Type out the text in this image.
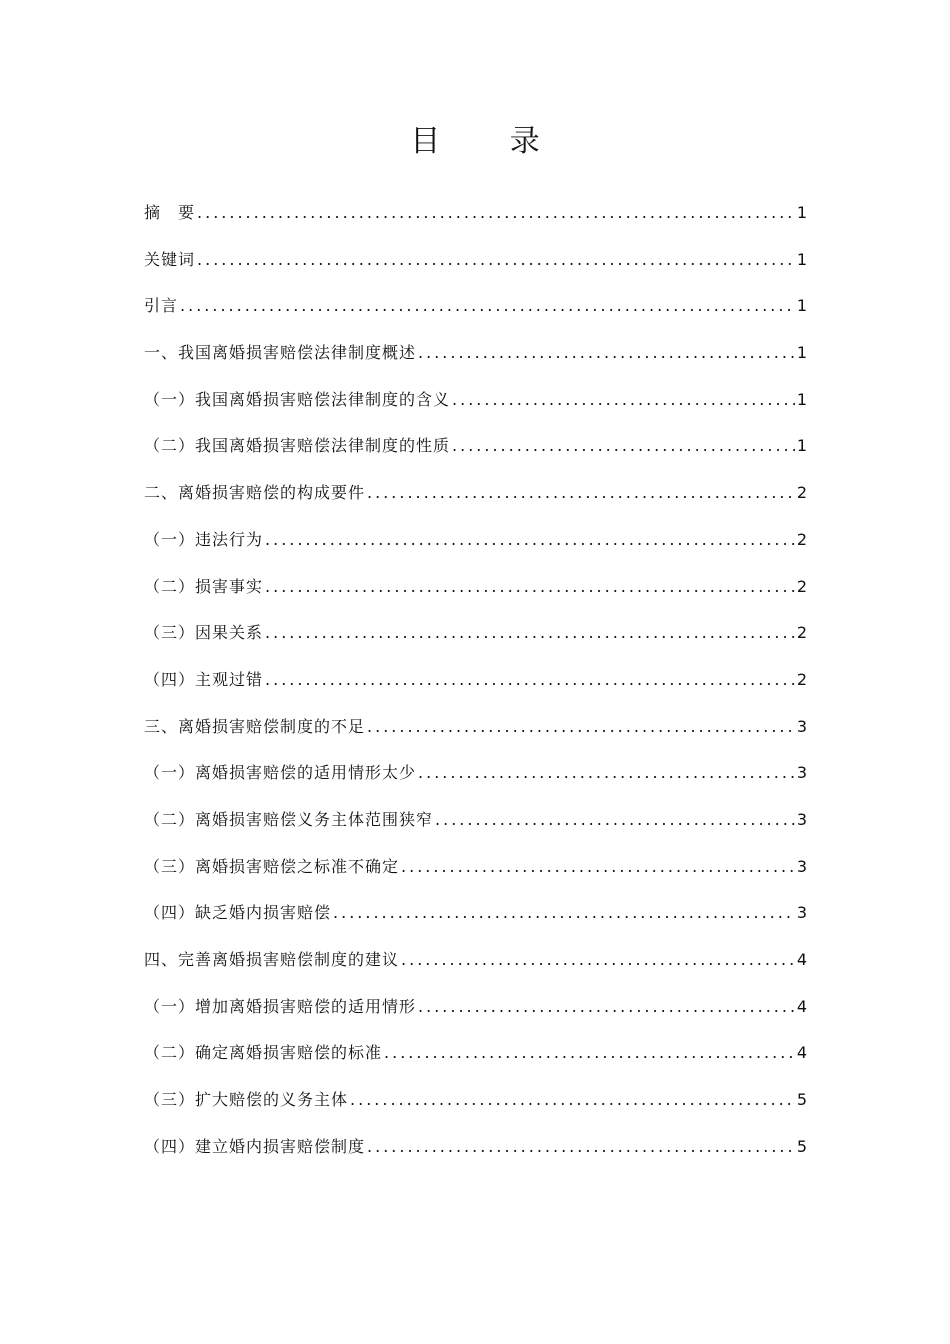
目 录
摘　要 .....	1
关键词 .....	1
引言 .....	1
一、我国离婚损害赔偿法律制度概述 .....	1
（一）我国离婚损害赔偿法律制度的含义 .....	1
（二）我国离婚损害赔偿法律制度的性质 .....	1
二、离婚损害赔偿的构成要件 .....	2
（一）违法行为 .....	2
（二）损害事实 .....	2
（三）因果关系 .....	2
（四）主观过错 .....	2
三、离婚损害赔偿制度的不足 .....	3
（一）离婚损害赔偿的适用情形太少 .....	3
（二）离婚损害赔偿义务主体范围狭窄 .....	3
（三）离婚损害赔偿之标准不确定 .....	3
（四）缺乏婚内损害赔偿 .....	3
四、完善离婚损害赔偿制度的建议 .....	4
（一）增加离婚损害赔偿的适用情形 .....	4
（二）确定离婚损害赔偿的标准 .....	4
（三）扩大赔偿的义务主体 .....	5
（四）建立婚内损害赔偿制度 .....	5
